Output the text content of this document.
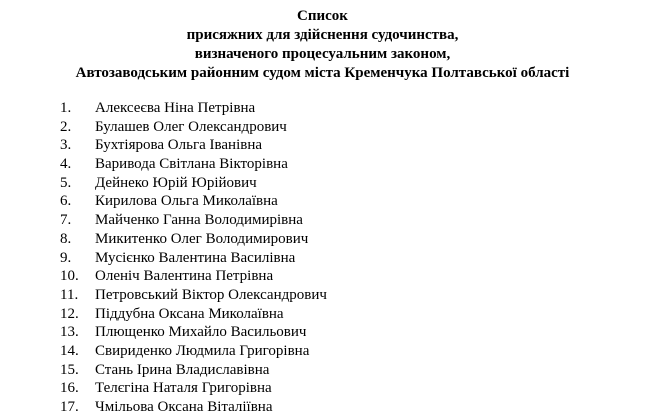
Список
присяжних для здійснення судочинства,
визначеного процесуальним законом,
Автозаводським районним судом міста Кременчука Полтавської області
1. Алексеєва Ніна Петрівна
2. Булашев Олег Олександрович
3. Бухтіярова Ольга Іванівна
4. Варивода Світлана Вікторівна
5. Дейнеко Юрій Юрійович
6. Кирилова Ольга Миколаївна
7. Майченко Ганна Володимирівна
8. Микитенко Олег Володимирович
9. Мусієнко Валентина Василівна
10. Оленіч Валентина Петрівна
11. Петровський Віктор Олександрович
12. Піддубна Оксана Миколаївна
13. Плющенко Михайло Васильович
14. Свириденко Людмила Григорівна
15. Стань Ірина Владиславівна
16. Телєгіна Наталя Григорівна
17. Чмільова Оксана Віталіївна
